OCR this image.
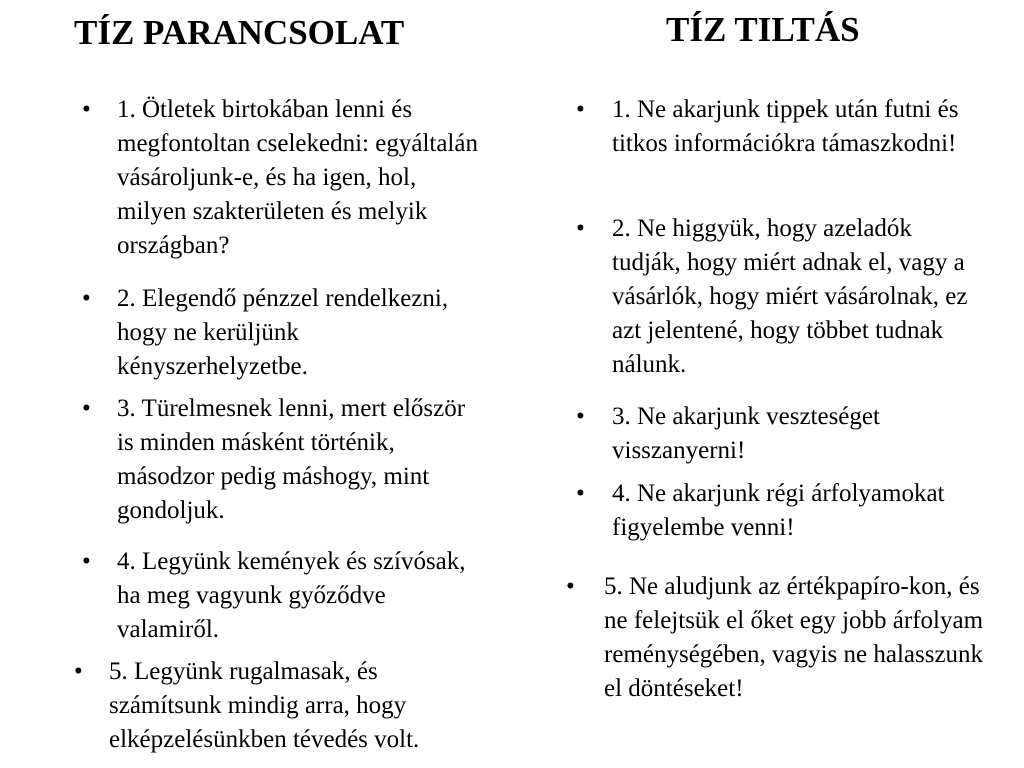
TÍZ PARANCSOLAT	TÍZ TILTÁS
• 1. Ötletek birtokában lenni és megfontoltan cselekedni: egyáltalán vásároljunk-e, és ha igen, hol, milyen szakterületen és melyik országban?
• 2. Elegendő pénzzel rendelkezni, hogy ne kerüljünk kényszerhelyzetbe.
• 3. Türelmesnek lenni, mert először is minden másként történik, másodzor pedig máshogy, mint gondoljuk.
• 4. Legyünk kemények és szívósak, ha meg vagyunk győződve valamiről.
• 5. Legyünk rugalmasak, és számítsunk mindig arra, hogy elképzelésünkben tévedés volt.
• 1. Ne akarjunk tippek után futni és titkos információkra támaszkodni!
• 2. Ne higgyük, hogy azeladók tudják, hogy miért adnak el, vagy a vásárlók, hogy miért vásárolnak, ez azt jelentené, hogy többet tudnak nálunk.
• 3. Ne akarjunk veszteséget visszanyerni!
• 4. Ne akarjunk régi árfolyamokat figyelembe venni!
• 5. Ne aludjunk az értékpapíro-kon, és ne felejtsük el őket egy jobb árfolyam reménységében, vagyis ne halasszunk el döntéseket!
